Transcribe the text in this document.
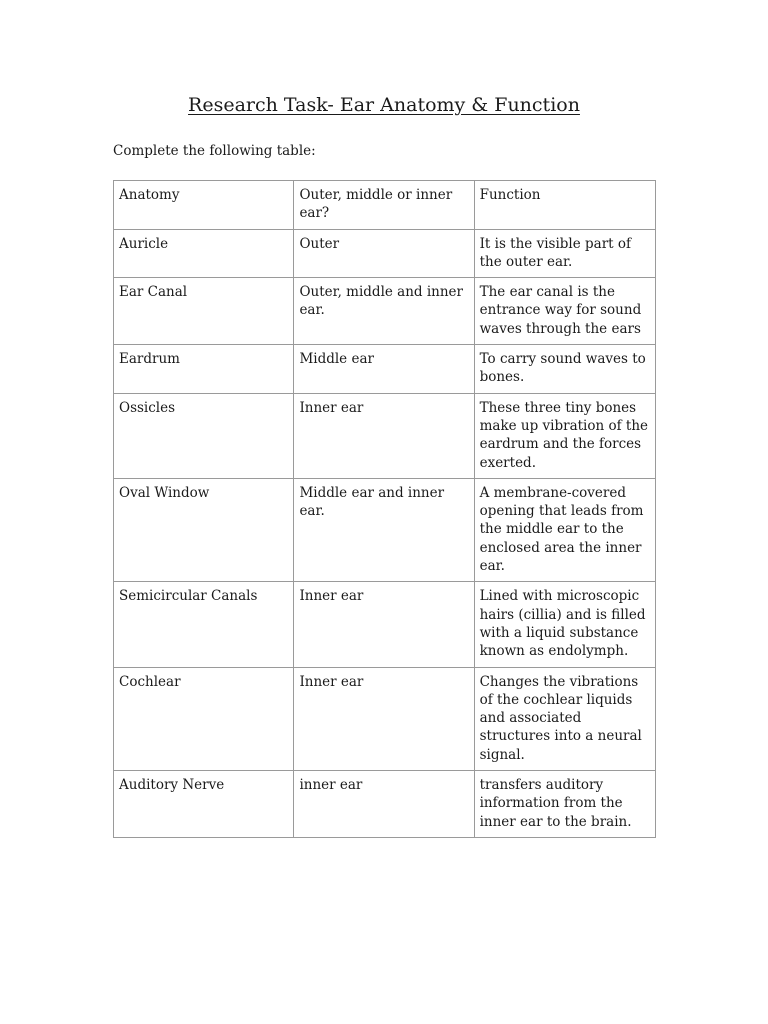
Research Task- Ear Anatomy & Function
Complete the following table:
Anatomy	Outer, middle or inner ear?	Function
Auricle	Outer	It is the visible part of the outer ear.
Ear Canal	Outer, middle and inner ear.	The ear canal is the entrance way for sound waves through the ears
Eardrum	Middle ear	To carry sound waves to bones.
Ossicles	Inner ear	These three tiny bones make up vibration of the eardrum and the forces exerted.
Oval Window	Middle ear and inner ear.	A membrane-covered opening that leads from the middle ear to the enclosed area the inner ear.
Semicircular Canals	Inner ear	Lined with microscopic hairs (cillia) and is filled with a liquid substance known as endolymph.
Cochlear	Inner ear	Changes the vibrations of the cochlear liquids and associated structures into a neural signal.
Auditory Nerve	inner ear	transfers auditory information from the inner ear to the brain.
